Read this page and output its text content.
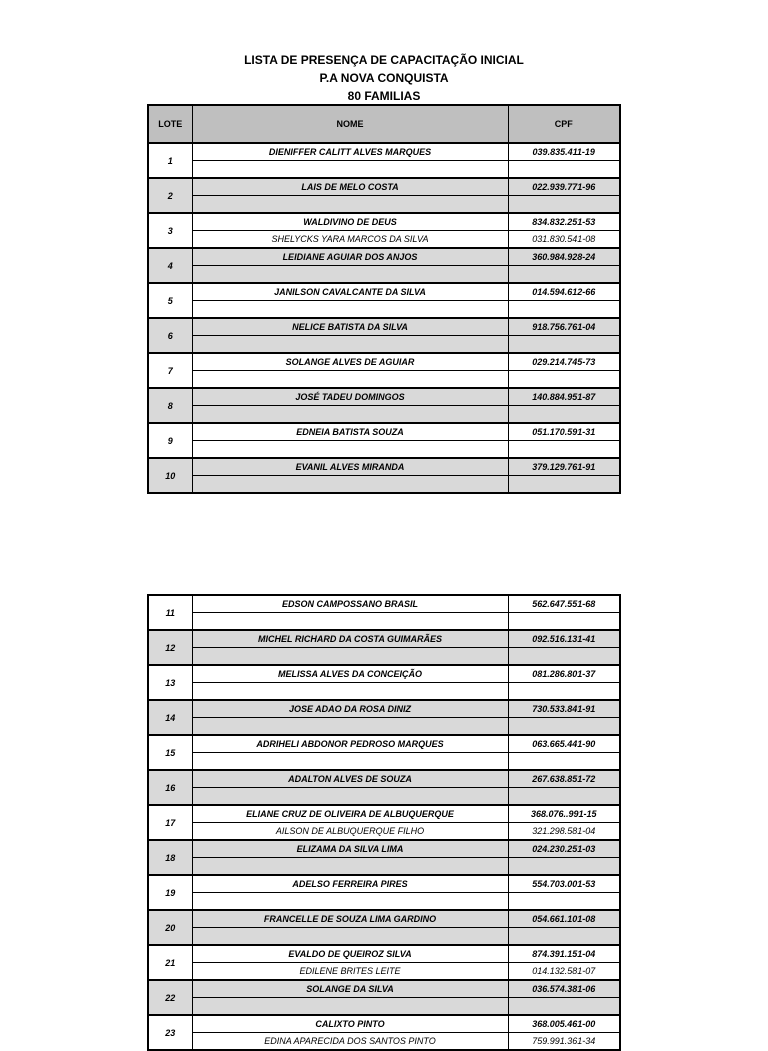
LISTA DE PRESENÇA DE CAPACITAÇÃO INICIAL
P.A NOVA CONQUISTA
80 FAMILIAS
LOTE	NOME	CPF
1	DIENIFFER CALITT ALVES MARQUES	039.835.411-19

2	LAIS DE MELO COSTA	022.939.771-96

3	WALDIVINO DE DEUS	834.832.251-53
	SHELYCKS YARA MARCOS DA SILVA	031.830.541-08
4	LEIDIANE AGUIAR DOS ANJOS	360.984.928-24

5	JANILSON CAVALCANTE DA SILVA	014.594.612-66

6	NELICE BATISTA DA SILVA	918.756.761-04

7	SOLANGE ALVES DE AGUIAR	029.214.745-73

8	JOSÉ TADEU DOMINGOS	140.884.951-87

9	EDNEIA BATISTA SOUZA	051.170.591-31

10	EVANIL ALVES MIRANDA	379.129.761-91

11	EDSON CAMPOSSANO BRASIL	562.647.551-68

12	MICHEL RICHARD DA COSTA GUIMARÃES	092.516.131-41

13	MELISSA ALVES DA CONCEIÇÃO	081.286.801-37

14	JOSE ADAO DA ROSA DINIZ	730.533.841-91

15	ADRIHELI ABDONOR PEDROSO MARQUES	063.665.441-90

16	ADALTON ALVES DE SOUZA	267.638.851-72

17	ELIANE CRUZ DE OLIVEIRA DE ALBUQUERQUE	368.076..991-15
	AILSON DE ALBUQUERQUE FILHO	321.298.581-04
18	ELIZAMA DA SILVA LIMA	024.230.251-03

19	ADELSO FERREIRA PIRES	554.703.001-53

20	FRANCELLE DE SOUZA LIMA GARDINO	054.661.101-08

21	EVALDO DE QUEIROZ SILVA	874.391.151-04
	EDILENE BRITES LEITE	014.132.581-07
22	SOLANGE DA SILVA	036.574.381-06

23	CALIXTO PINTO	368.005.461-00
	EDINA APARECIDA DOS SANTOS PINTO	759.991.361-34
